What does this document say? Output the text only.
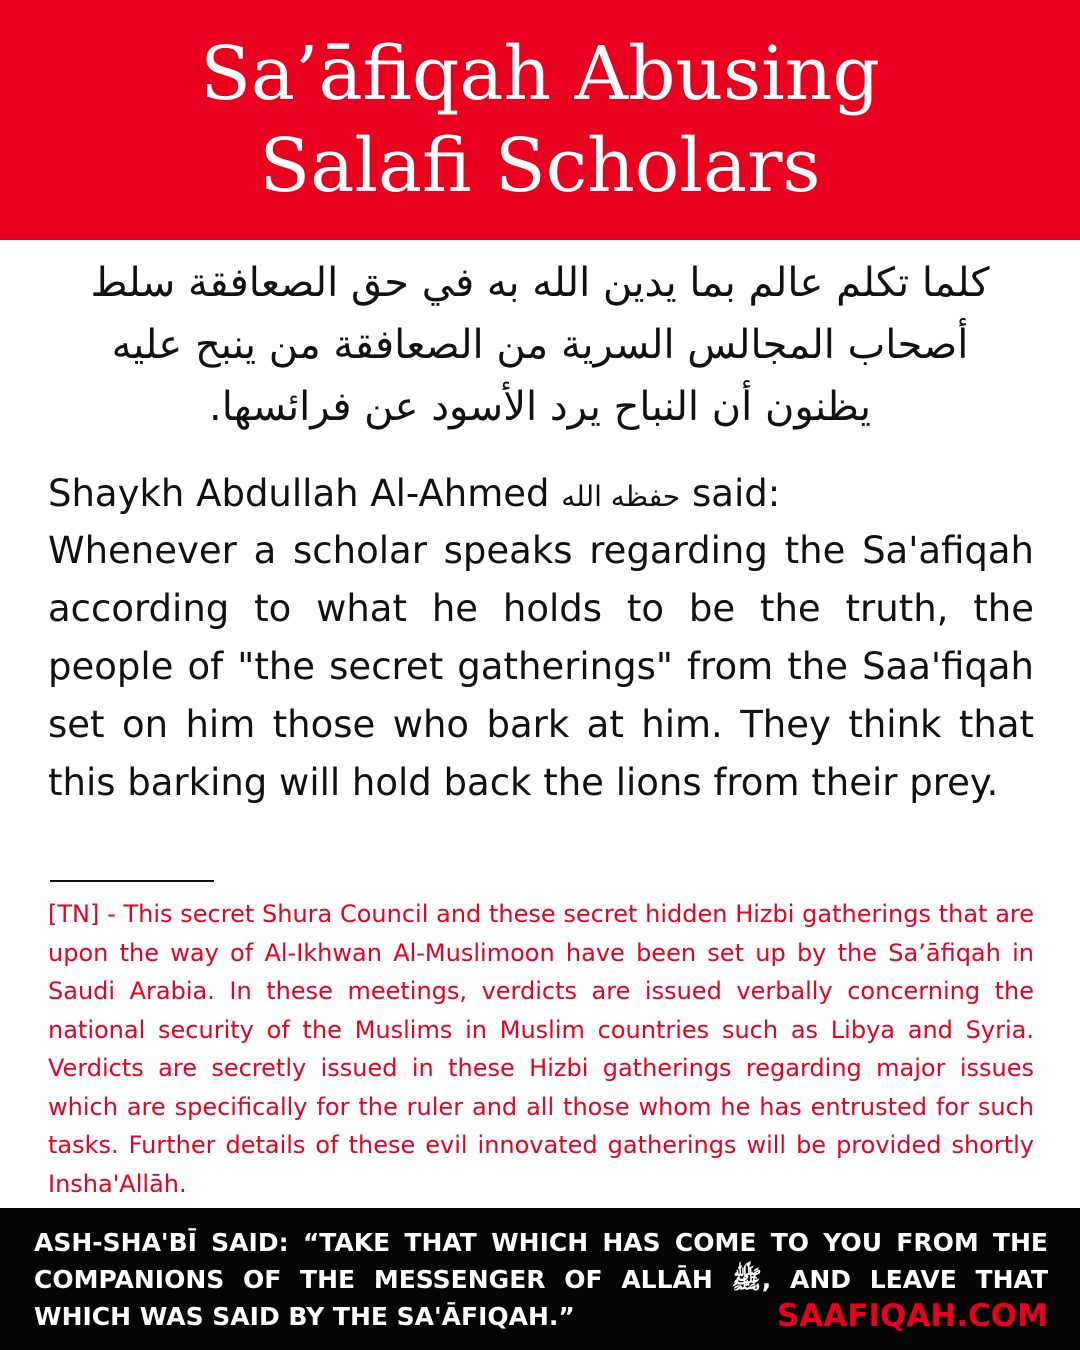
Sa’āfiqah Abusing
Salafi Scholars
كلما تكلم عالم بما يدين الله به في حق الصعافقة سلط
أصحاب المجالس السرية من الصعافقة من ينبح عليه
يظنون أن النباح يرد الأسود عن فرائسها.
Shaykh Abdullah Al-Ahmed حفظه الله said:
Whenever a scholar speaks regarding the Sa'afiqah according to what he holds to be the truth, the people of "the secret gatherings" from the Saa'fiqah set on him those who bark at him. They think that this barking will hold back the lions from their prey.
[TN] - This secret Shura Council and these secret hidden Hizbi gatherings that are upon the way of Al-Ikhwan Al-Muslimoon have been set up by the Sa’āfiqah in Saudi Arabia. In these meetings, verdicts are issued verbally concerning the national security of the Muslims in Muslim countries such as Libya and Syria. Verdicts are secretly issued in these Hizbi gatherings regarding major issues which are specifically for the ruler and all those whom he has entrusted for such tasks. Further details of these evil innovated gatherings will be provided shortly Insha'Allāh.
ASH-SHA'BĪ SAID: “TAKE THAT WHICH HAS COME TO YOU FROM THE COMPANIONS OF THE MESSENGER OF ALLĀH ﷺ, AND LEAVE THAT WHICH WAS SAID BY THE SA'ĀFIQAH.”	SAAFIQAH.COM
